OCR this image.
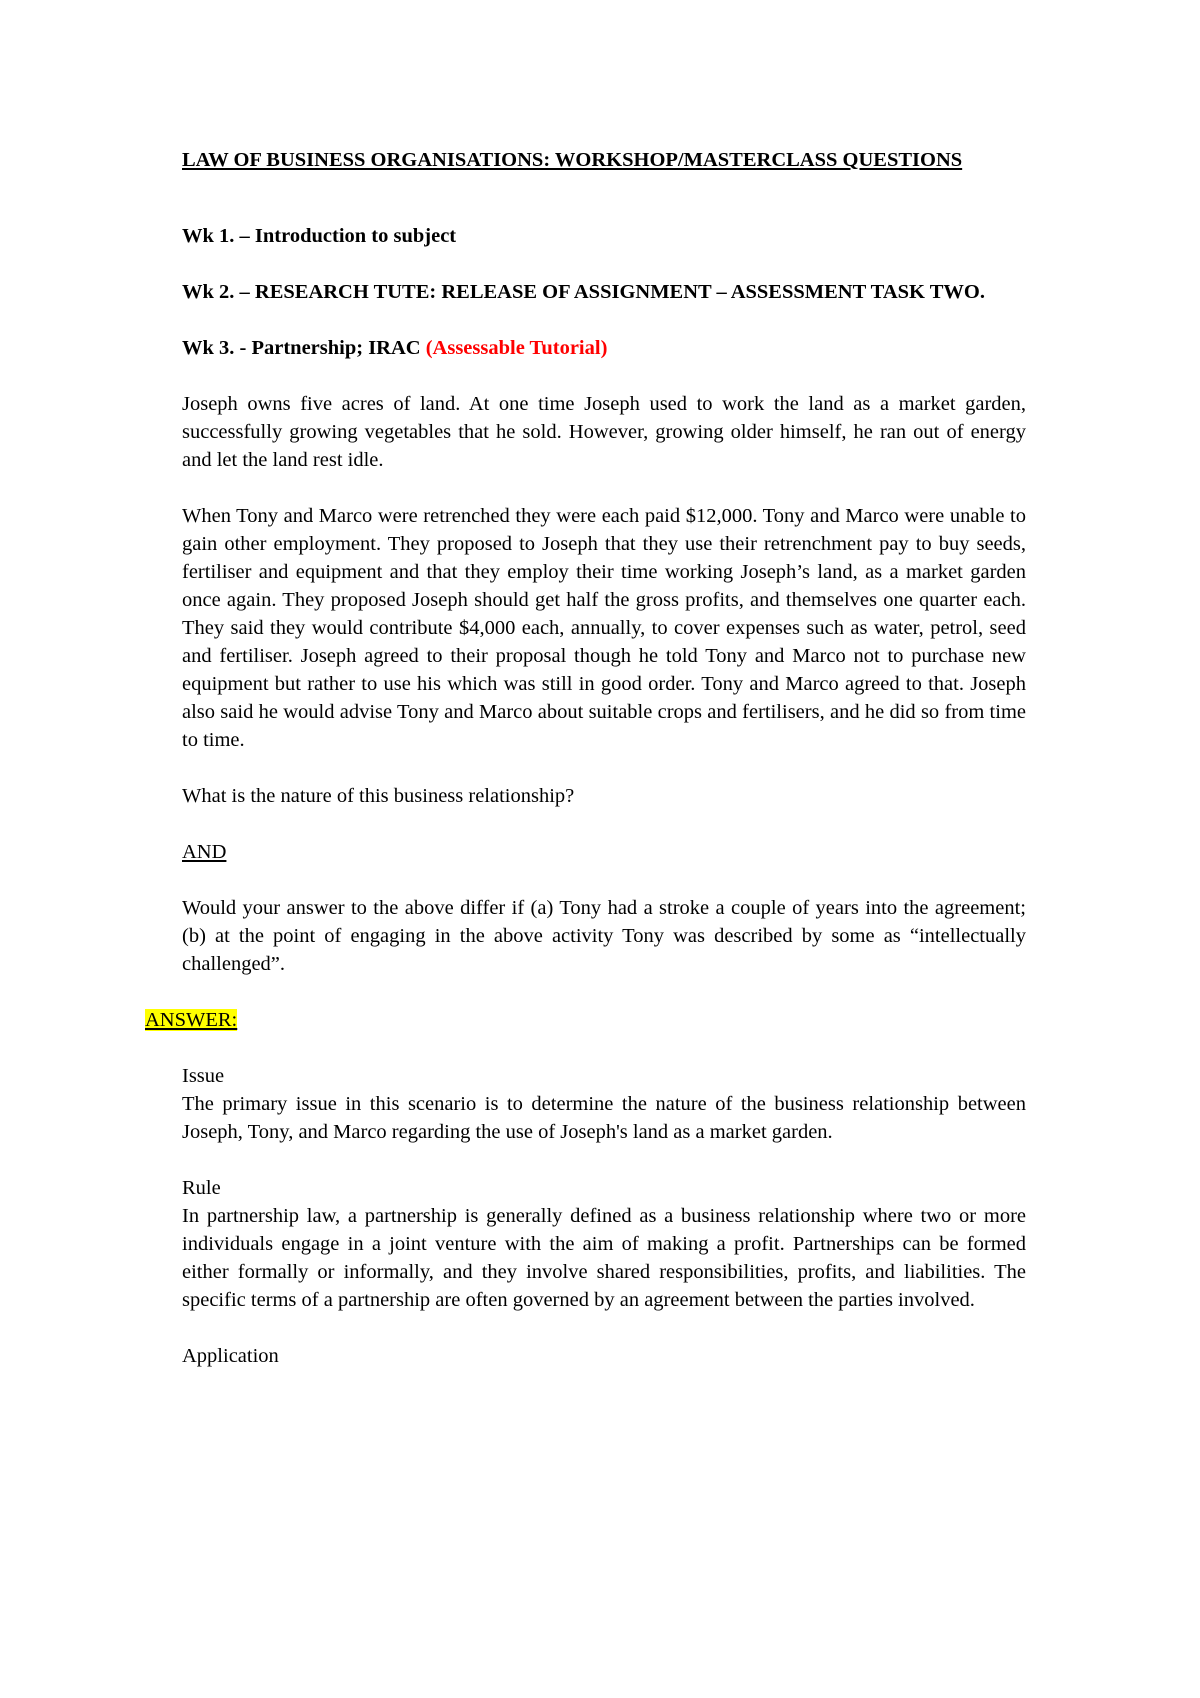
LAW OF BUSINESS ORGANISATIONS: WORKSHOP/MASTERCLASS QUESTIONS

Wk 1. – Introduction to subject

Wk 2. – RESEARCH TUTE: RELEASE OF ASSIGNMENT – ASSESSMENT TASK TWO.

Wk 3. - Partnership; IRAC (Assessable Tutorial)

Joseph owns five acres of land. At one time Joseph used to work the land as a market garden, successfully growing vegetables that he sold. However, growing older himself, he ran out of energy and let the land rest idle.

When Tony and Marco were retrenched they were each paid $12,000. Tony and Marco were unable to gain other employment. They proposed to Joseph that they use their retrenchment pay to buy seeds, fertiliser and equipment and that they employ their time working Joseph’s land, as a market garden once again. They proposed Joseph should get half the gross profits, and themselves one quarter each. They said they would contribute $4,000 each, annually, to cover expenses such as water, petrol, seed and fertiliser. Joseph agreed to their proposal though he told Tony and Marco not to purchase new equipment but rather to use his which was still in good order. Tony and Marco agreed to that. Joseph also said he would advise Tony and Marco about suitable crops and fertilisers, and he did so from time to time.

What is the nature of this business relationship?

AND

Would your answer to the above differ if (a) Tony had a stroke a couple of years into the agreement; (b) at the point of engaging in the above activity Tony was described by some as “intellectually challenged”.

ANSWER:

Issue

The primary issue in this scenario is to determine the nature of the business relationship between Joseph, Tony, and Marco regarding the use of Joseph's land as a market garden.

Rule

In partnership law, a partnership is generally defined as a business relationship where two or more individuals engage in a joint venture with the aim of making a profit. Partnerships can be formed either formally or informally, and they involve shared responsibilities, profits, and liabilities. The specific terms of a partnership are often governed by an agreement between the parties involved.

Application
